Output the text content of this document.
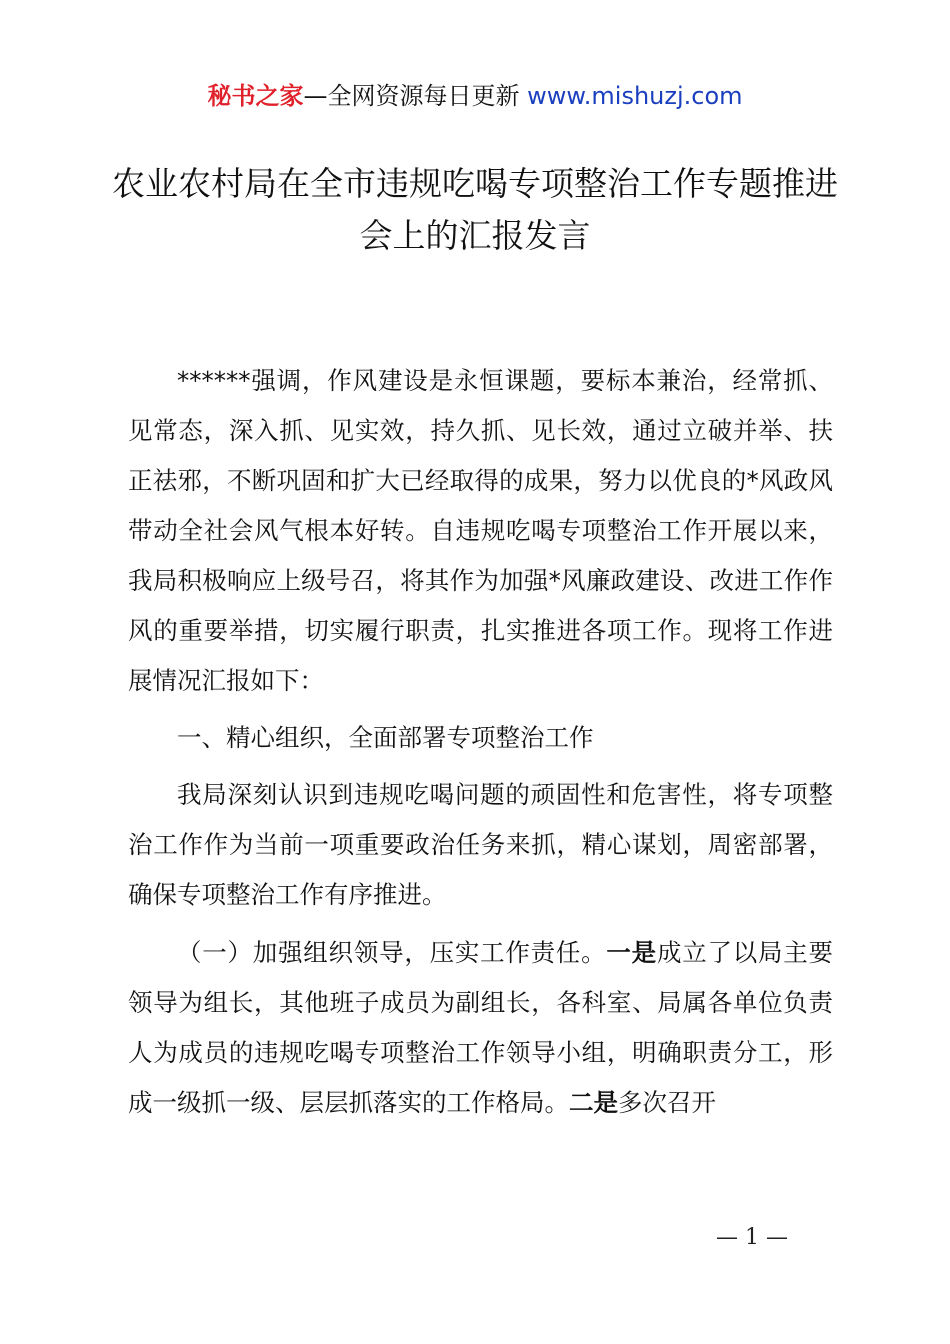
秘书之家—全网资源每日更新 www.mishuzj.com
农业农村局在全市违规吃喝专项整治工作专题推进会上的汇报发言

******强调，作风建设是永恒课题，要标本兼治，经常抓、见常态，深入抓、见实效，持久抓、见长效，通过立破并举、扶正祛邪，不断巩固和扩大已经取得的成果，努力以优良的*风政风带动全社会风气根本好转。自违规吃喝专项整治工作开展以来，我局积极响应上级号召，将其作为加强*风廉政建设、改进工作作风的重要举措，切实履行职责，扎实推进各项工作。现将工作进展情况汇报如下：

一、精心组织，全面部署专项整治工作

我局深刻认识到违规吃喝问题的顽固性和危害性，将专项整治工作作为当前一项重要政治任务来抓，精心谋划，周密部署，确保专项整治工作有序推进。

（一）加强组织领导，压实工作责任。一是成立了以局主要领导为组长，其他班子成员为副组长，各科室、局属各单位负责人为成员的违规吃喝专项整治工作领导小组，明确职责分工，形成一级抓一级、层层抓落实的工作格局。二是多次召开

— 1 —
